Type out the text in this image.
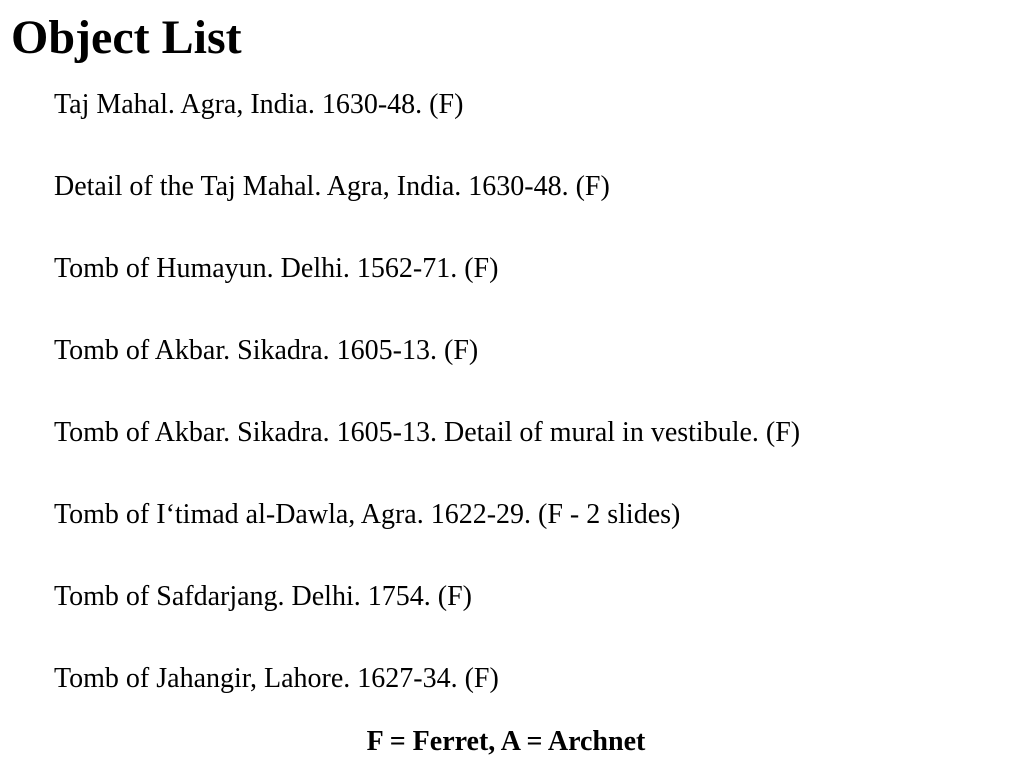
Object List
Taj Mahal. Agra, India. 1630-48. (F)
Detail of the Taj Mahal. Agra, India. 1630-48. (F)
Tomb of Humayun. Delhi. 1562-71. (F)
Tomb of Akbar. Sikadra. 1605-13. (F)
Tomb of Akbar. Sikadra. 1605-13. Detail of mural in vestibule. (F)
Tomb of I‘timad al-Dawla, Agra. 1622-29. (F - 2 slides)
Tomb of Safdarjang. Delhi. 1754. (F)
Tomb of Jahangir, Lahore. 1627-34. (F)
F = Ferret, A = Archnet
